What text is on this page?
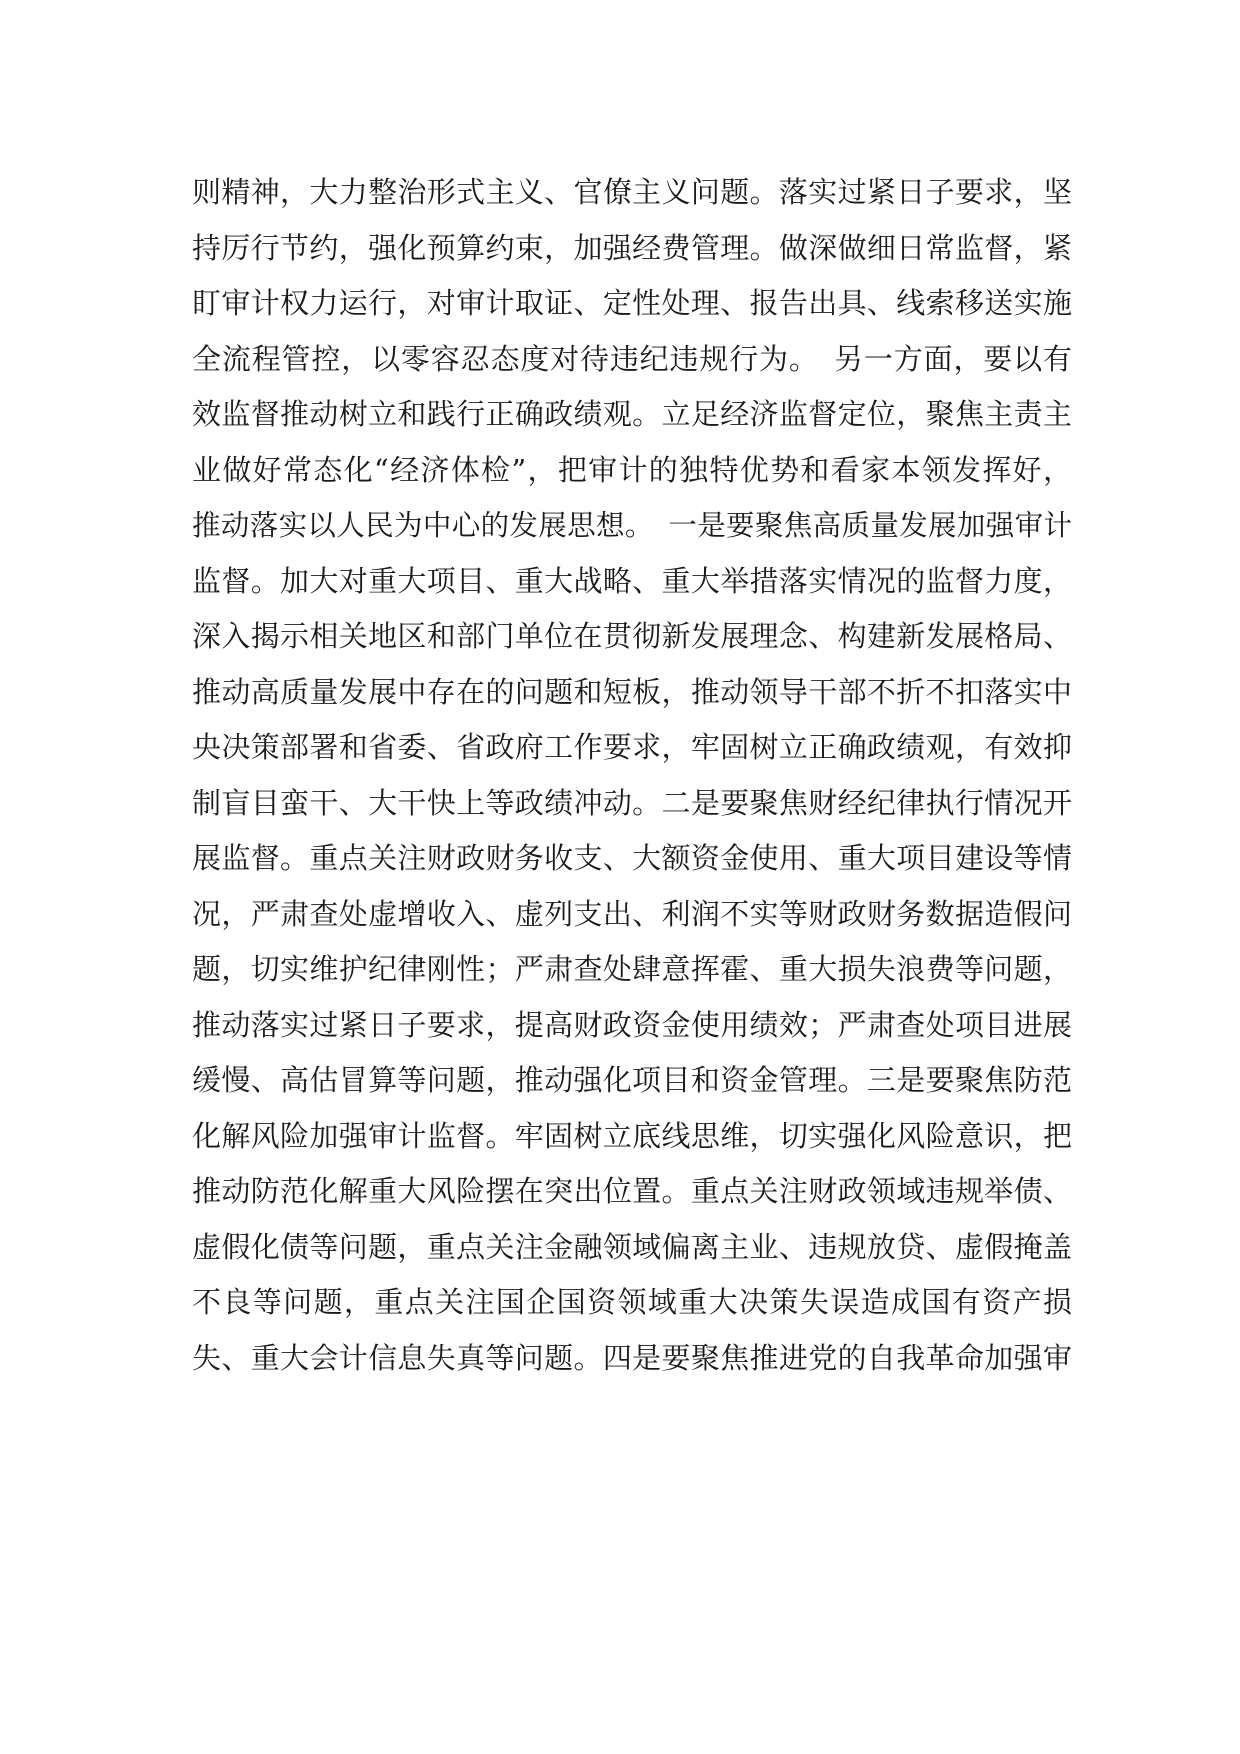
则精神，大力整治形式主义、官僚主义问题。落实过紧日子要求，坚
持厉行节约，强化预算约束，加强经费管理。做深做细日常监督，紧
盯审计权力运行，对审计取证、定性处理、报告出具、线索移送实施
全流程管控，以零容忍态度对待违纪违规行为。　另一方面，要以有
效监督推动树立和践行正确政绩观。立足经济监督定位，聚焦主责主
业做好常态化“经济体检”，把审计的独特优势和看家本领发挥好，
推动落实以人民为中心的发展思想。　一是要聚焦高质量发展加强审计
监督。加大对重大项目、重大战略、重大举措落实情况的监督力度，
深入揭示相关地区和部门单位在贯彻新发展理念、构建新发展格局、
推动高质量发展中存在的问题和短板，推动领导干部不折不扣落实中
央决策部署和省委、省政府工作要求，牢固树立正确政绩观，有效抑
制盲目蛮干、大干快上等政绩冲动。二是要聚焦财经纪律执行情况开
展监督。重点关注财政财务收支、大额资金使用、重大项目建设等情
况，严肃查处虚增收入、虚列支出、利润不实等财政财务数据造假问
题，切实维护纪律刚性；严肃查处肆意挥霍、重大损失浪费等问题，
推动落实过紧日子要求，提高财政资金使用绩效；严肃查处项目进展
缓慢、高估冒算等问题，推动强化项目和资金管理。三是要聚焦防范
化解风险加强审计监督。牢固树立底线思维，切实强化风险意识，把
推动防范化解重大风险摆在突出位置。重点关注财政领域违规举债、
虚假化债等问题，重点关注金融领域偏离主业、违规放贷、虚假掩盖
不良等问题，重点关注国企国资领域重大决策失误造成国有资产损
失、重大会计信息失真等问题。四是要聚焦推进党的自我革命加强审
